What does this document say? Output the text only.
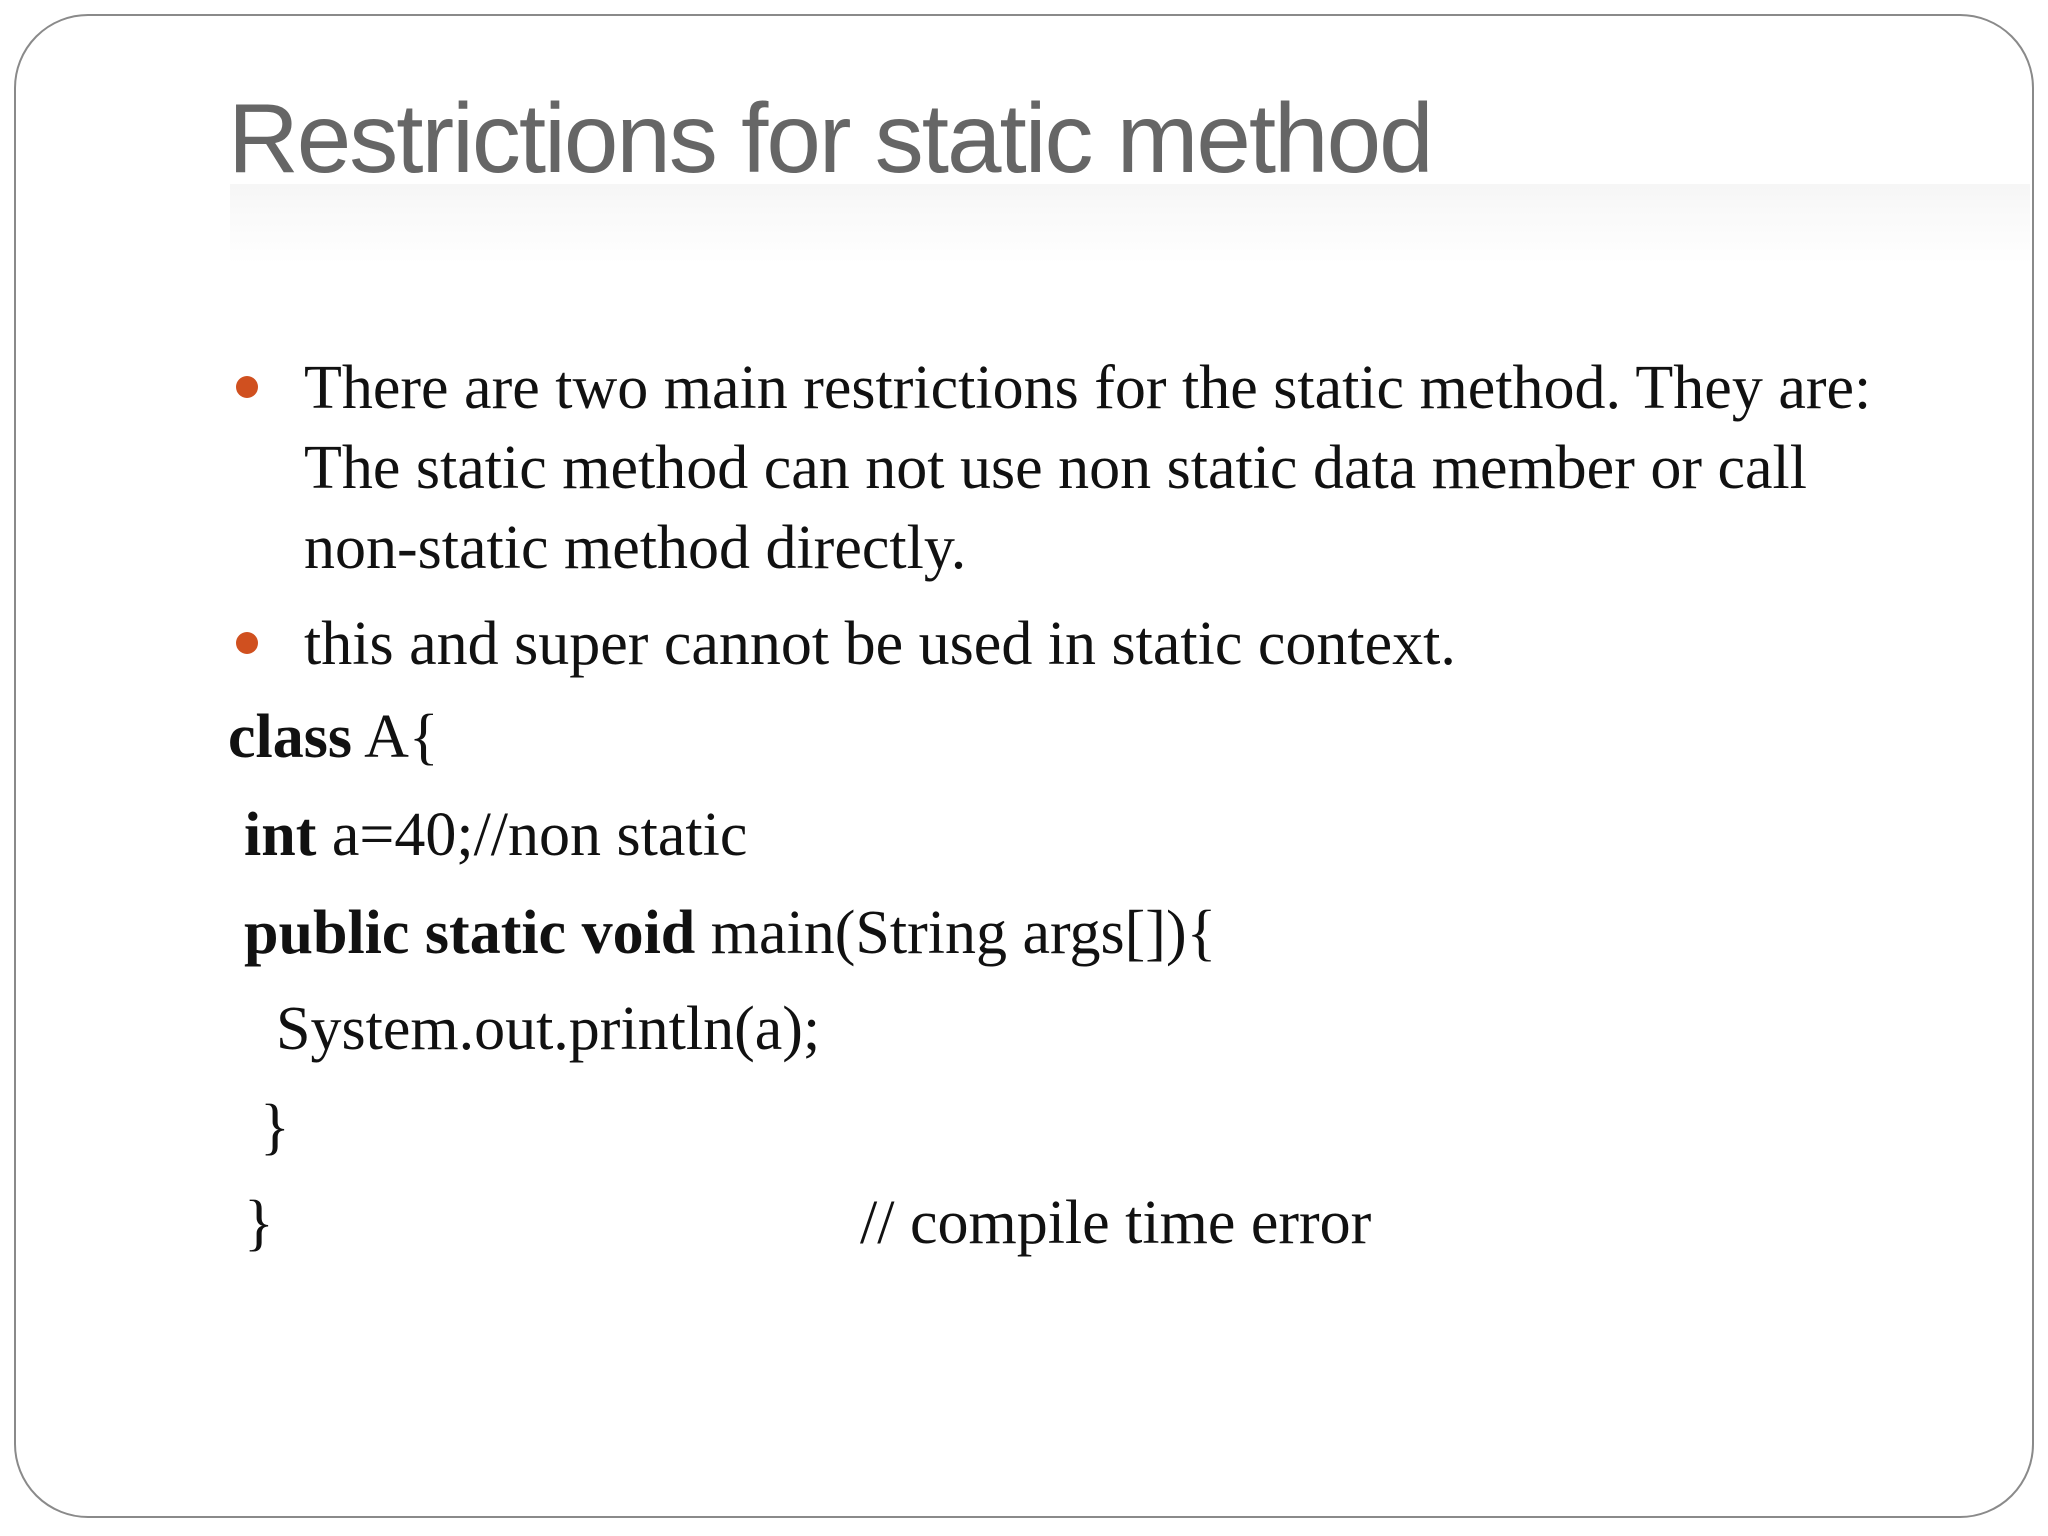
Restrictions for static method
There are two main restrictions for the static method. They are: The static method can not use non static data member or call non-static method directly.
this and super cannot be used in static context.
class A{
int a=40;//non static
public static void main(String args[]){
System.out.println(a);
}
}	// compile time error
